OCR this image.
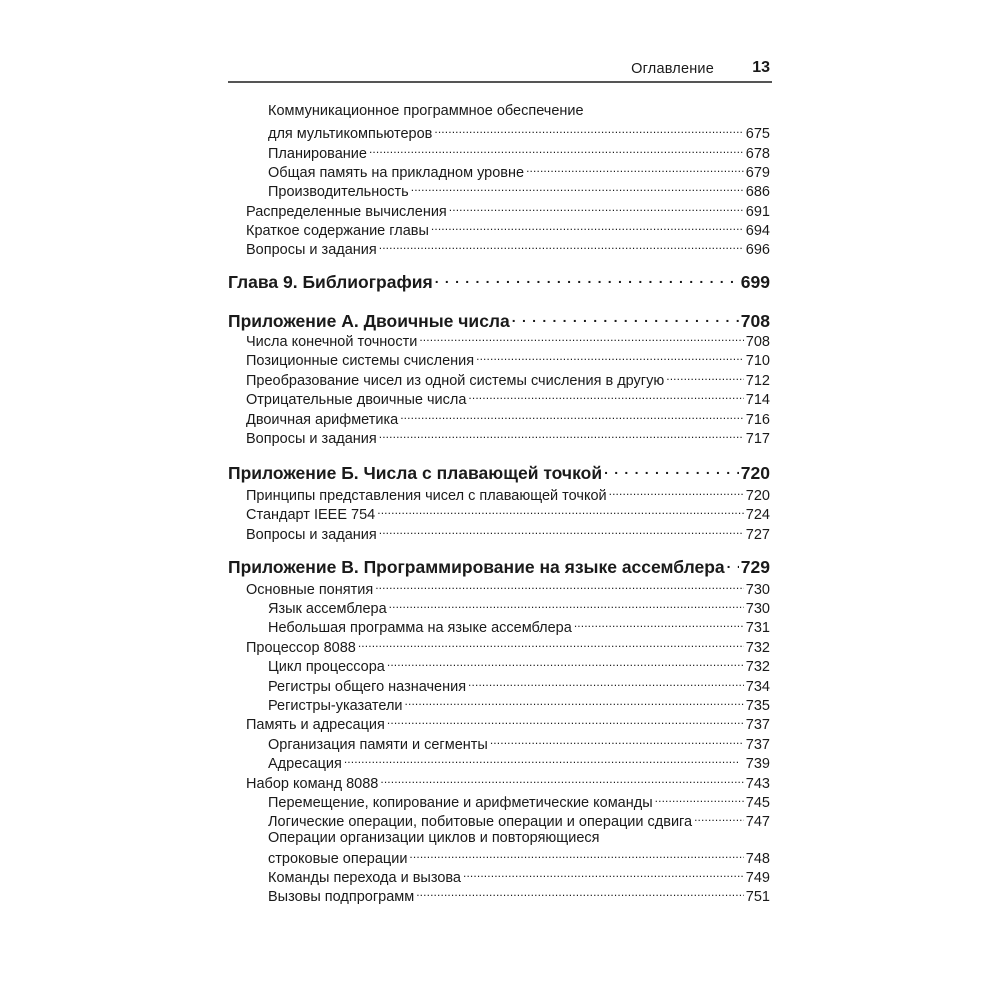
Оглавление 13
Коммуникационное программное обеспечение
для мультикомпьютеров . . .	675
Планирование . . .	678
Общая память на прикладном уровне . . .	679
Производительность . . .	686
Распределенные вычисления . . .	691
Краткое содержание главы . . .	694
Вопросы и задания . . .	696
Глава 9. Библиография . . .	699
Приложение А. Двоичные числа . . .	708
Числа конечной точности . . .	708
Позиционные системы счисления . . .	710
Преобразование чисел из одной системы счисления в другую . . .	712
Отрицательные двоичные числа . . .	714
Двоичная арифметика . . .	716
Вопросы и задания . . .	717
Приложение Б. Числа с плавающей точкой . . .	720
Принципы представления чисел с плавающей точкой . . .	720
Стандарт IEEE 754 . . .	724
Вопросы и задания . . .	727
Приложение В. Программирование на языке ассемблера . . . 729
Основные понятия . . .	730
Язык ассемблера . . .	730
Небольшая программа на языке ассемблера . . .	731
Процессор 8088 . . .	732
Цикл процессора . . .	732
Регистры общего назначения . . .	734
Регистры-указатели . . .	735
Память и адресация . . .	737
Организация памяти и сегменты . . .	737
Адресация . . .	739
Набор команд 8088 . . .	743
Перемещение, копирование и арифметические команды . . .	745
Логические операции, побитовые операции и операции сдвига . . .	747
Операции организации циклов и повторяющиеся
строковые операции . . .	748
Команды перехода и вызова . . .	749
Вызовы подпрограмм . . .	751
